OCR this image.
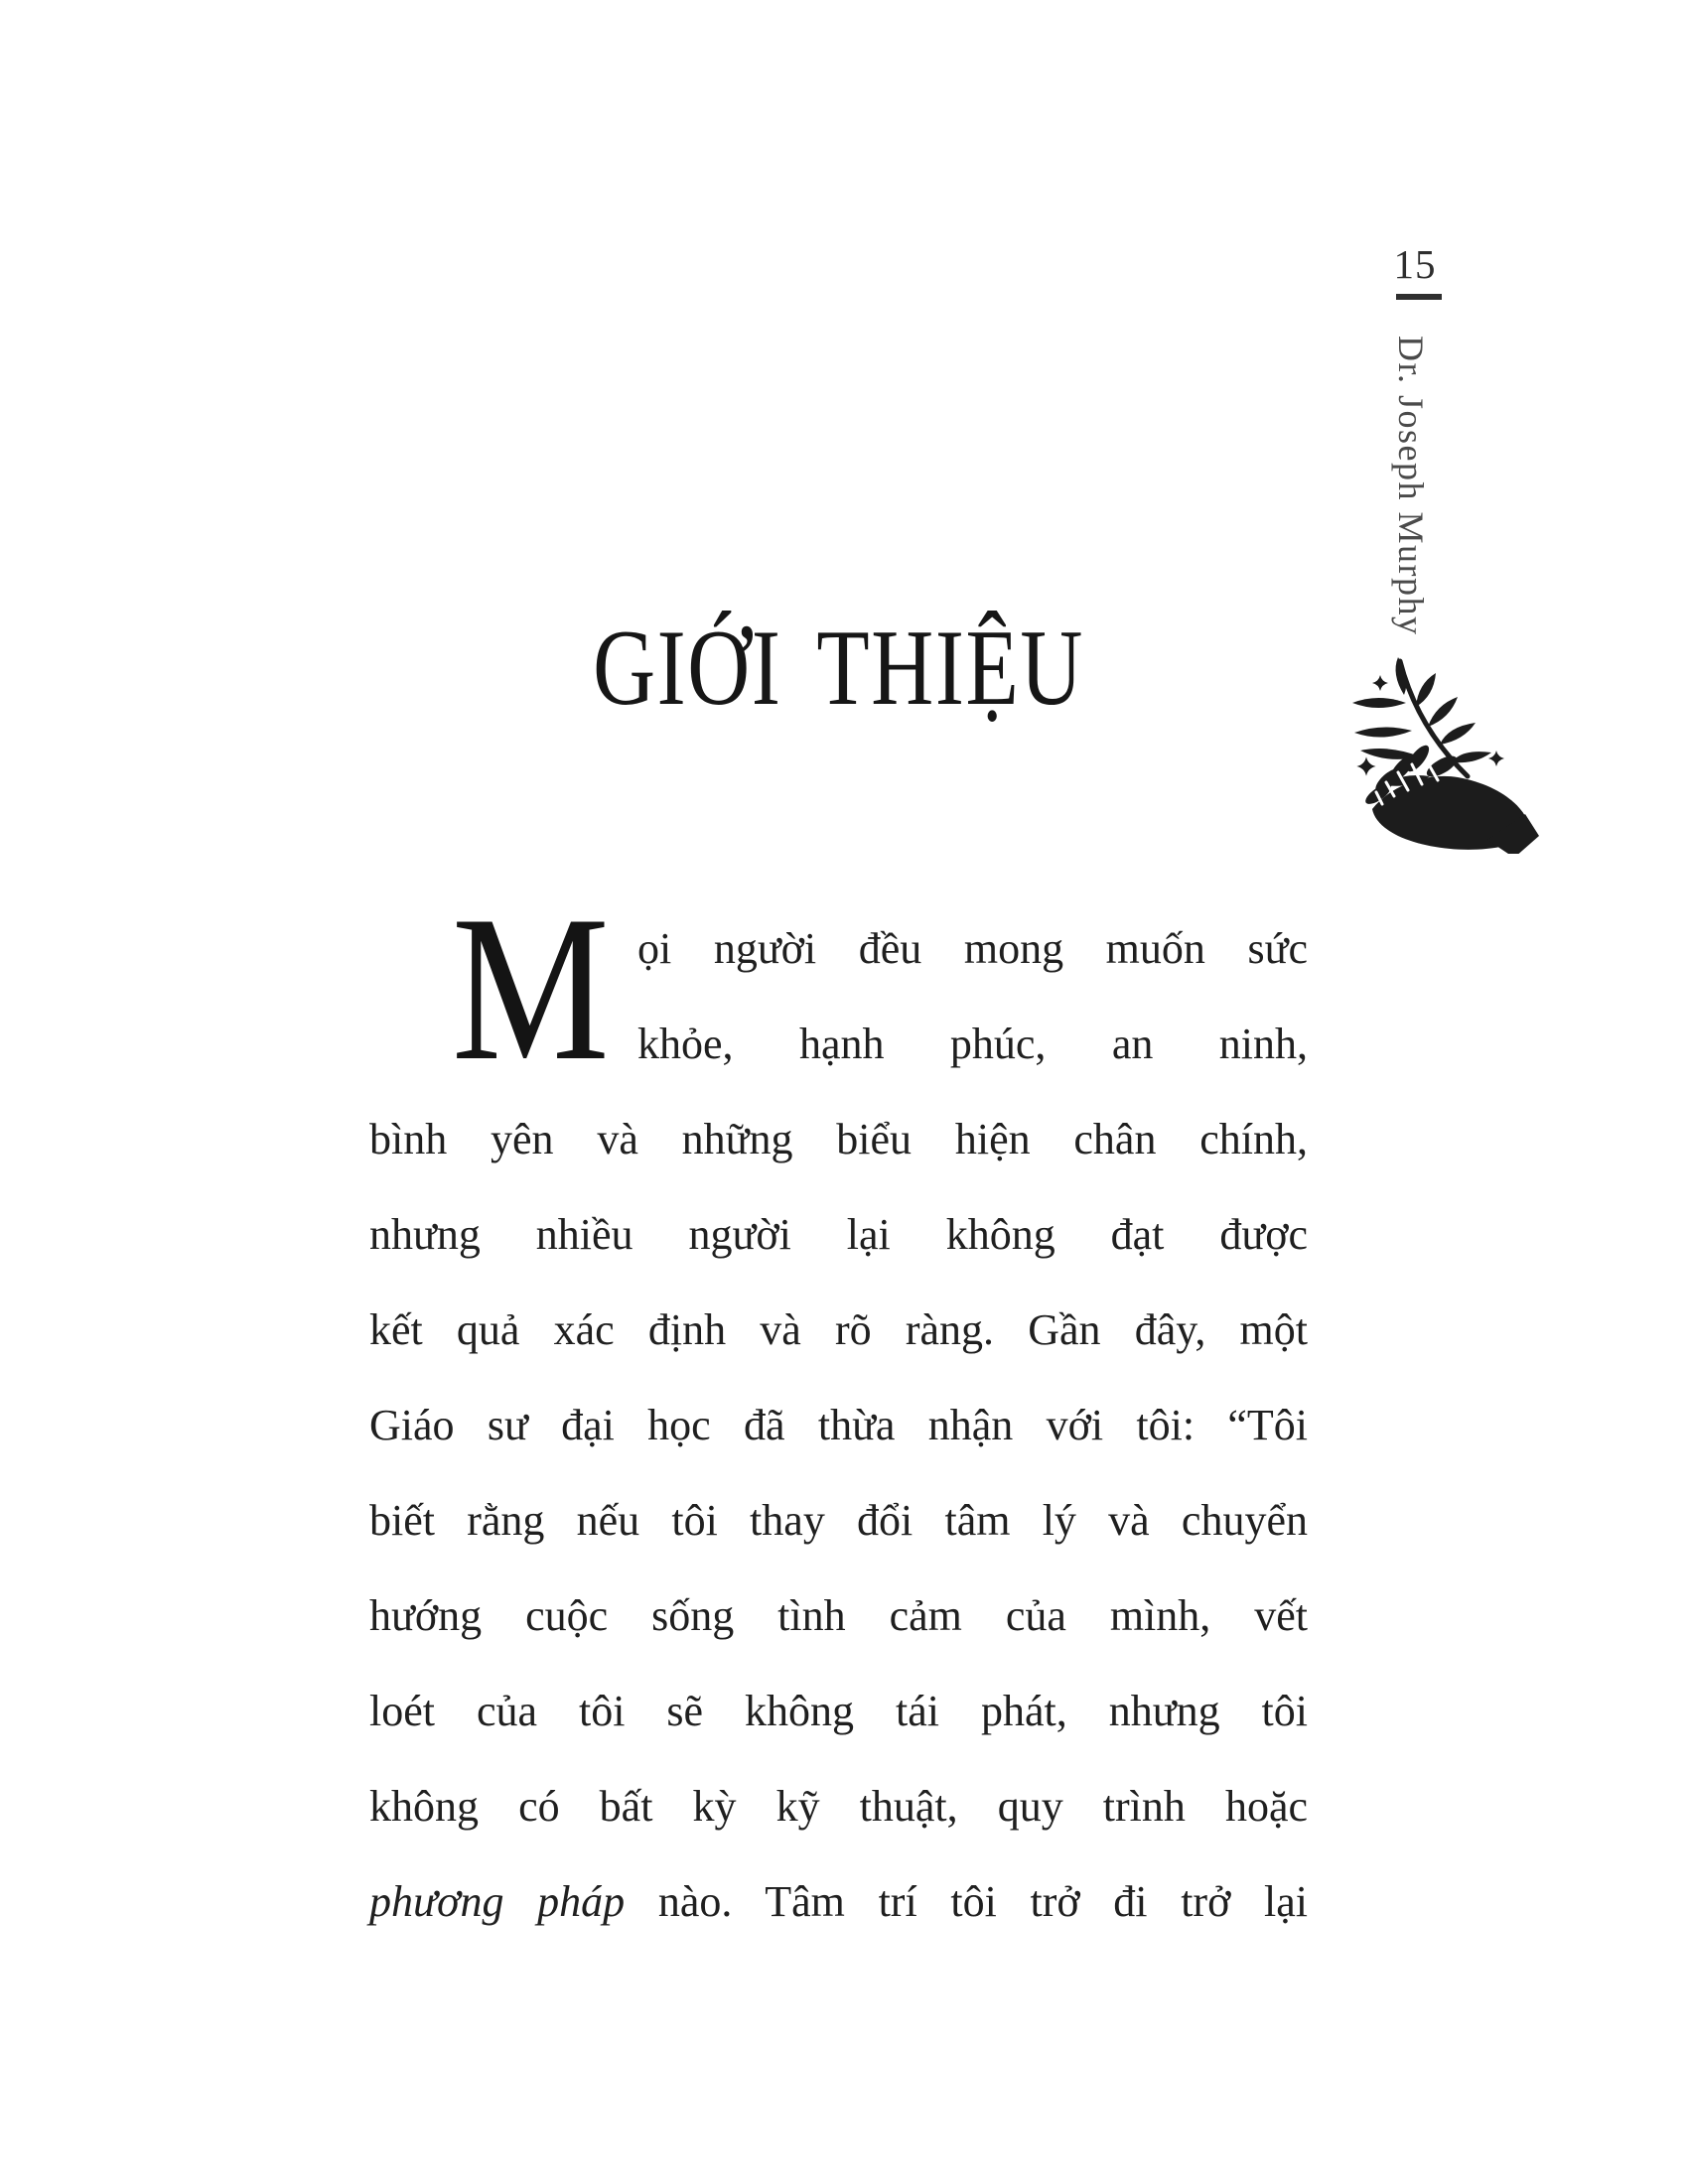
15
Dr. Joseph Murphy
GIỚI THIỆU
M ọi người đều mong muốn sức
khỏe, hạnh phúc, an ninh,
bình yên và những biểu hiện chân chính,
nhưng nhiều người lại không đạt được
kết quả xác định và rõ ràng. Gần đây, một
Giáo sư đại học đã thừa nhận với tôi: “Tôi
biết rằng nếu tôi thay đổi tâm lý và chuyển
hướng cuộc sống tình cảm của mình, vết
loét của tôi sẽ không tái phát, nhưng tôi
không có bất kỳ kỹ thuật, quy trình hoặc
phương pháp nào. Tâm trí tôi trở đi trở lại
